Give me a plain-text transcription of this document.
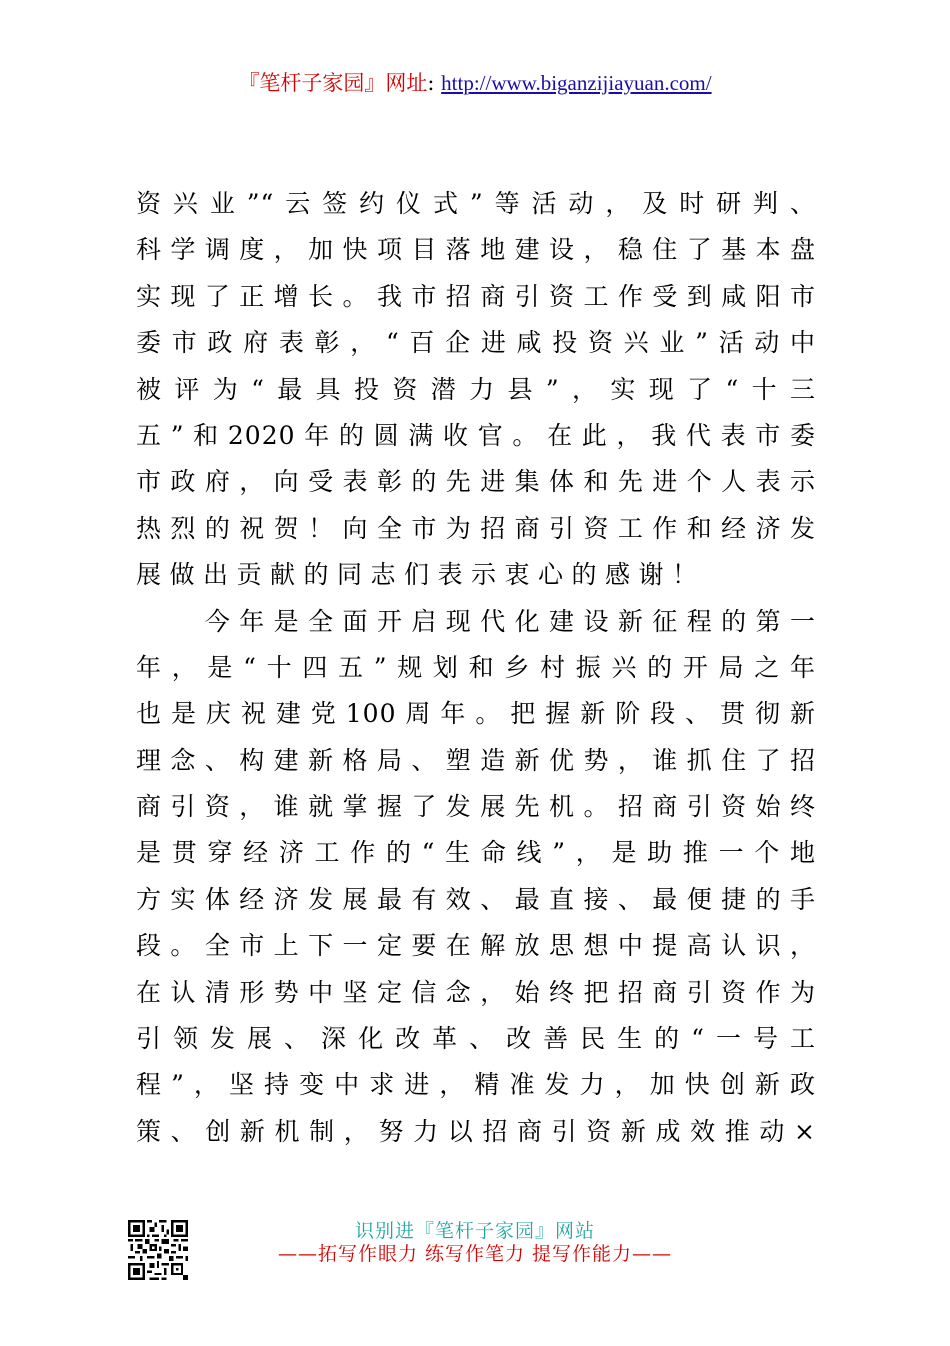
『笔杆子家园』网址: http://www.biganzijiayuan.com/
资兴业”“云签约仪式”等活动，及时研判、
科学调度，加快项目落地建设，稳住了基本盘
实现了正增长。我市招商引资工作受到咸阳市
委市政府表彰，“百企进咸投资兴业”活动中
被评为“最具投资潜力县”，实现了“十三
五”和2020年的圆满收官。在此，我代表市委
市政府，向受表彰的先进集体和先进个人表示
热烈的祝贺！向全市为招商引资工作和经济发
展做出贡献的同志们表示衷心的感谢！
　　今年是全面开启现代化建设新征程的第一
年，是“十四五”规划和乡村振兴的开局之年
也是庆祝建党100周年。把握新阶段、贯彻新
理念、构建新格局、塑造新优势，谁抓住了招
商引资，谁就掌握了发展先机。招商引资始终
是贯穿经济工作的“生命线”，是助推一个地
方实体经济发展最有效、最直接、最便捷的手
段。全市上下一定要在解放思想中提高认识，
在认清形势中坚定信念，始终把招商引资作为
引领发展、深化改革、改善民生的“一号工
程”，坚持变中求进，精准发力，加快创新政
策、创新机制，努力以招商引资新成效推动×
识别进『笔杆子家园』网站
——拓写作眼力 练写作笔力 提写作能力——
